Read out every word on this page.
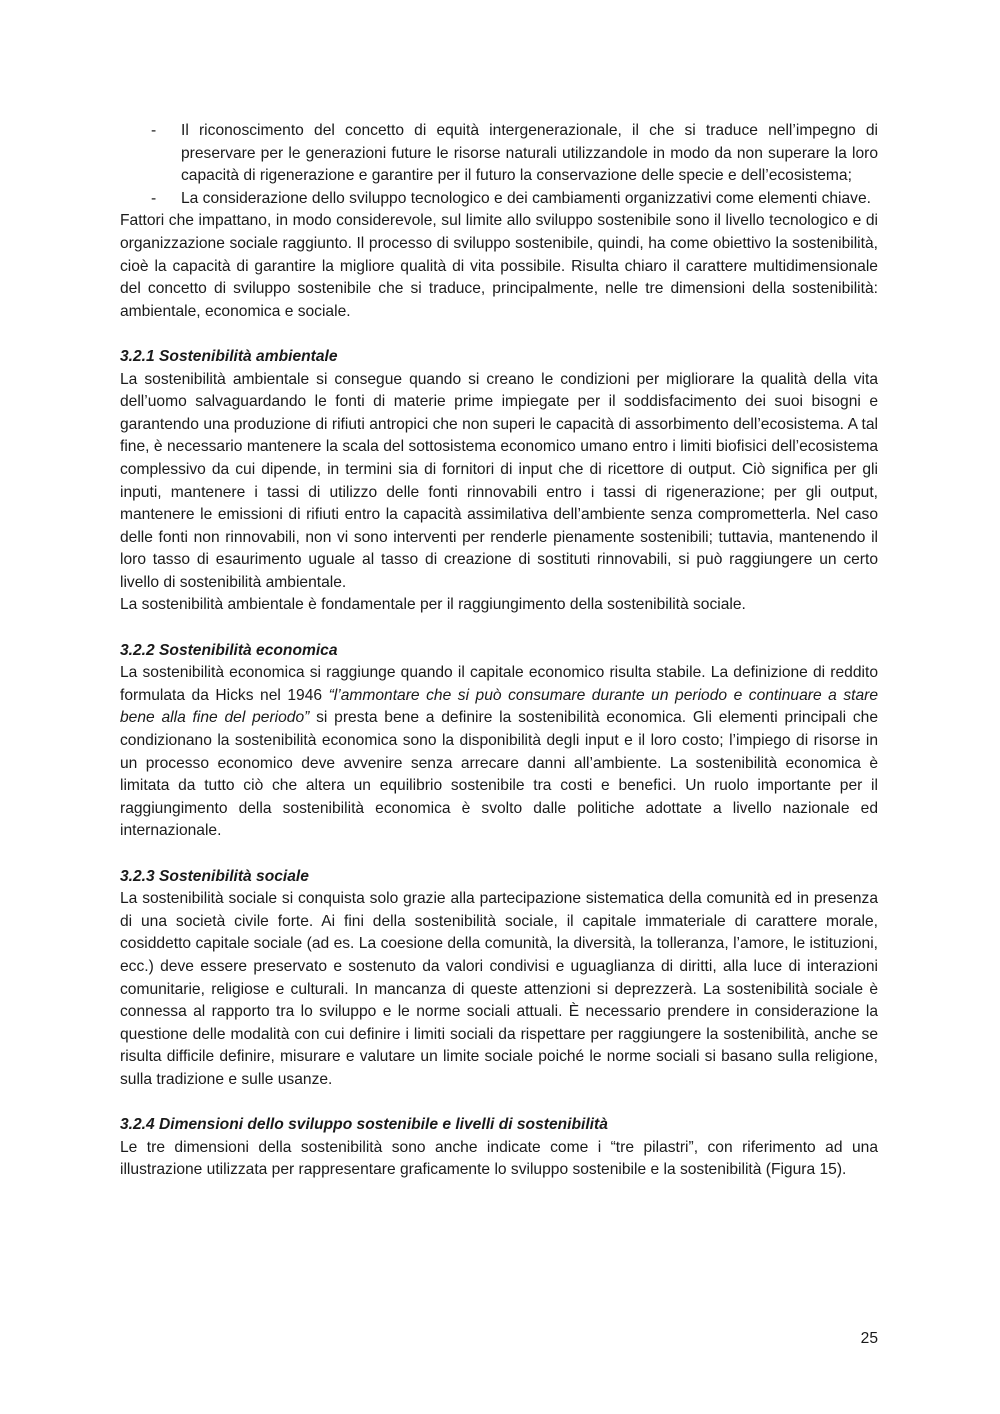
- Il riconoscimento del concetto di equità intergenerazionale, il che si traduce nell’impegno di preservare per le generazioni future le risorse naturali utilizzandole in modo da non superare la loro capacità di rigenerazione e garantire per il futuro la conservazione delle specie e dell’ecosistema;
- La considerazione dello sviluppo tecnologico e dei cambiamenti organizzativi come elementi chiave.

Fattori che impattano, in modo considerevole, sul limite allo sviluppo sostenibile sono il livello tecnologico e di organizzazione sociale raggiunto. Il processo di sviluppo sostenibile, quindi, ha come obiettivo la sostenibilità, cioè la capacità di garantire la migliore qualità di vita possibile. Risulta chiaro il carattere multidimensionale del concetto di sviluppo sostenibile che si traduce, principalmente, nelle tre dimensioni della sostenibilità: ambientale, economica e sociale.

3.2.1 Sostenibilità ambientale

La sostenibilità ambientale si consegue quando si creano le condizioni per migliorare la qualità della vita dell’uomo salvaguardando le fonti di materie prime impiegate per il soddisfacimento dei suoi bisogni e garantendo una produzione di rifiuti antropici che non superi le capacità di assorbimento dell’ecosistema. A tal fine, è necessario mantenere la scala del sottosistema economico umano entro i limiti biofisici dell’ecosistema complessivo da cui dipende, in termini sia di fornitori di input che di ricettore di output. Ciò significa per gli inputi, mantenere i tassi di utilizzo delle fonti rinnovabili entro i tassi di rigenerazione; per gli output, mantenere le emissioni di rifiuti entro la capacità assimilativa dell’ambiente senza comprometterla. Nel caso delle fonti non rinnovabili, non vi sono interventi per renderle pienamente sostenibili; tuttavia, mantenendo il loro tasso di esaurimento uguale al tasso di creazione di sostituti rinnovabili, si può raggiungere un certo livello di sostenibilità ambientale.

La sostenibilità ambientale è fondamentale per il raggiungimento della sostenibilità sociale.

3.2.2 Sostenibilità economica

La sostenibilità economica si raggiunge quando il capitale economico risulta stabile. La definizione di reddito formulata da Hicks nel 1946 “l’ammontare che si può consumare durante un periodo e continuare a stare bene alla fine del periodo” si presta bene a definire la sostenibilità economica. Gli elementi principali che condizionano la sostenibilità economica sono la disponibilità degli input e il loro costo; l’impiego di risorse in un processo economico deve avvenire senza arrecare danni all’ambiente. La sostenibilità economica è limitata da tutto ciò che altera un equilibrio sostenibile tra costi e benefici. Un ruolo importante per il raggiungimento della sostenibilità economica è svolto dalle politiche adottate a livello nazionale ed internazionale.

3.2.3 Sostenibilità sociale

La sostenibilità sociale si conquista solo grazie alla partecipazione sistematica della comunità ed in presenza di una società civile forte. Ai fini della sostenibilità sociale, il capitale immateriale di carattere morale, cosiddetto capitale sociale (ad es. La coesione della comunità, la diversità, la tolleranza, l’amore, le istituzioni, ecc.) deve essere preservato e sostenuto da valori condivisi e uguaglianza di diritti, alla luce di interazioni comunitarie, religiose e culturali. In mancanza di queste attenzioni si deprezzerà. La sostenibilità sociale è connessa al rapporto tra lo sviluppo e le norme sociali attuali. È necessario prendere in considerazione la questione delle modalità con cui definire i limiti sociali da rispettare per raggiungere la sostenibilità, anche se risulta difficile definire, misurare e valutare un limite sociale poiché le norme sociali si basano sulla religione, sulla tradizione e sulle usanze.

3.2.4 Dimensioni dello sviluppo sostenibile e livelli di sostenibilità

Le tre dimensioni della sostenibilità sono anche indicate come i “tre pilastri”, con riferimento ad una illustrazione utilizzata per rappresentare graficamente lo sviluppo sostenibile e la sostenibilità (Figura 15).

25
